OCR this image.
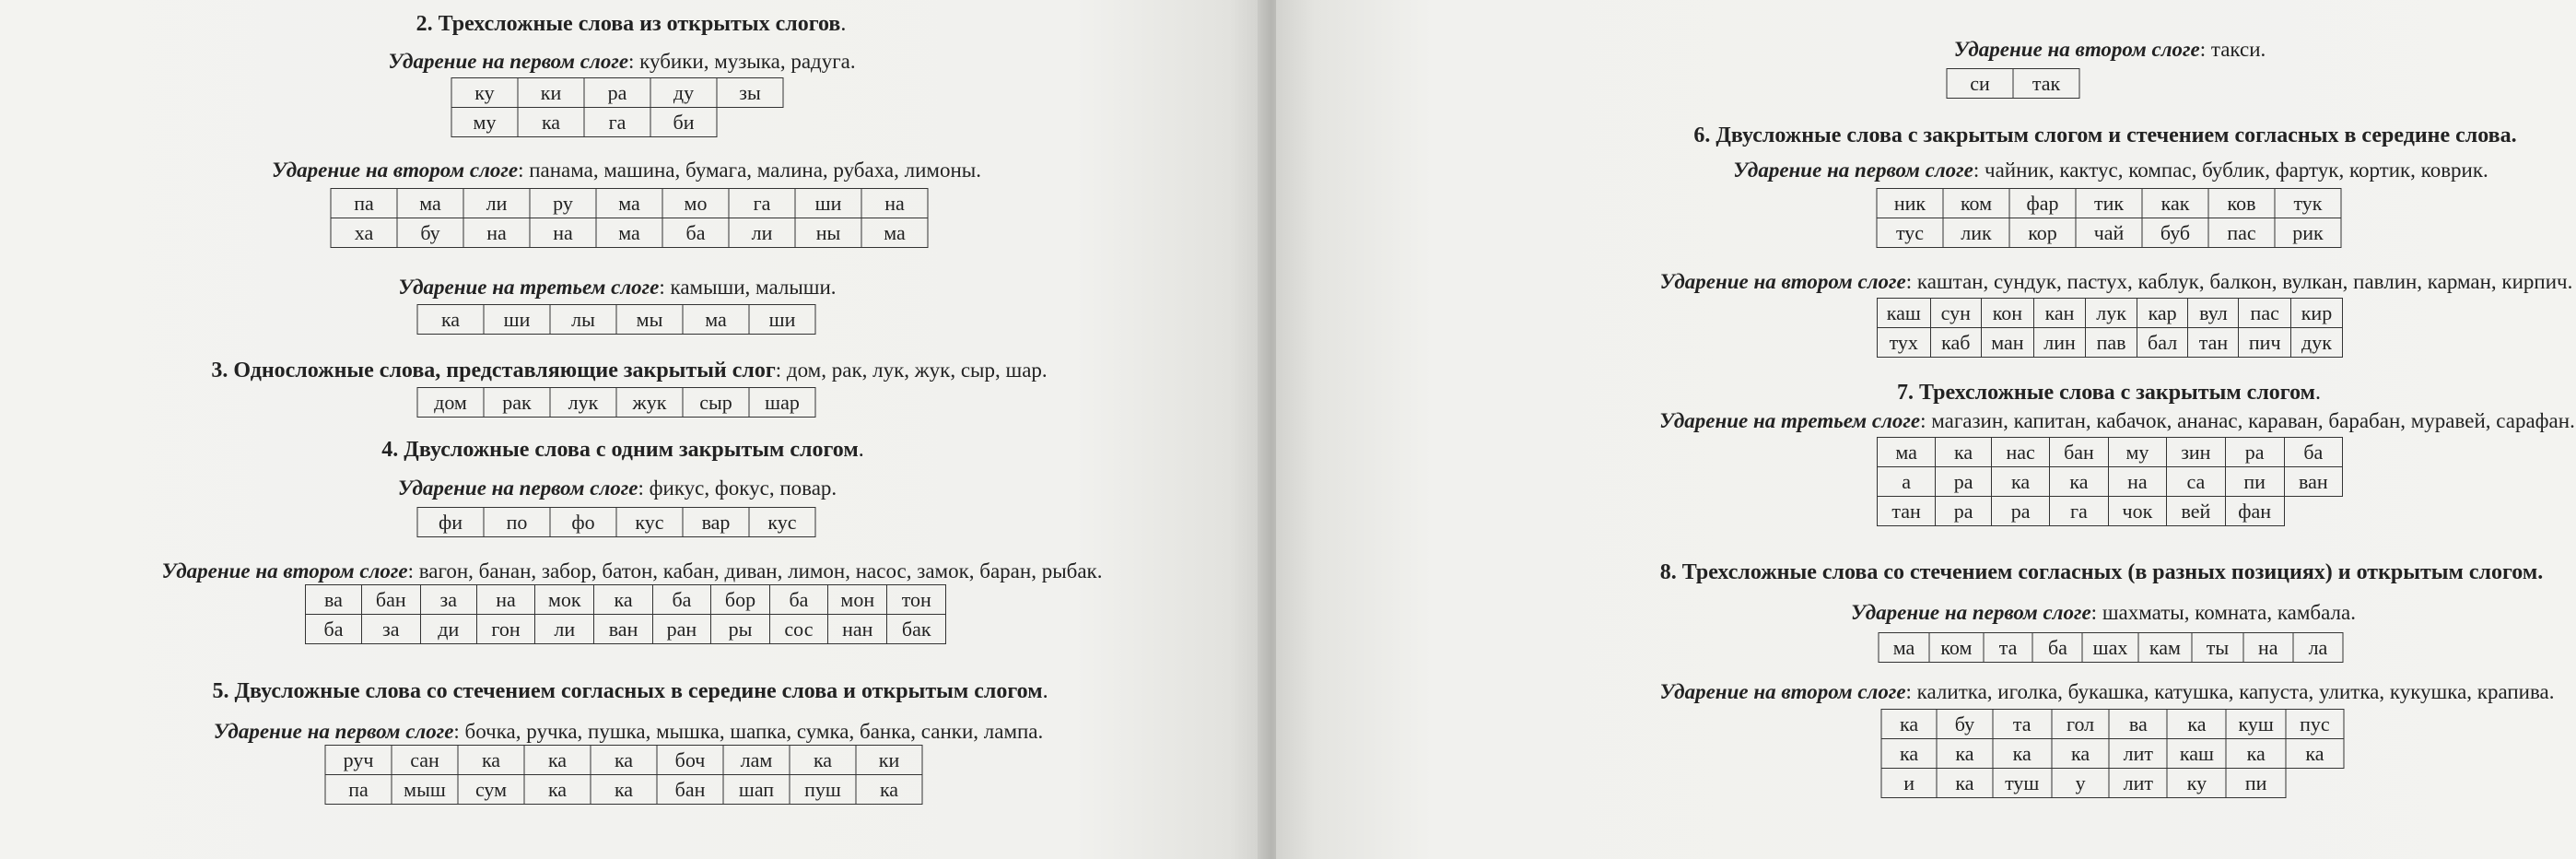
2. Трехсложные слова из открытых слогов.
Ударение на первом слоге: кубики, музыка, радуга.
ку	ки	ра	ду	зы
му	ка	га	би	
Ударение на втором слоге: панама, машина, бумага, малина, рубаха, лимоны.
па	ма	ли	ру	ма	мо	га	ши	на
ха	бу	на	на	ма	ба	ли	ны	ма
Ударение на третьем слоге: камыши, малыши.
ка	ши	лы	мы	ма	ши
3. Односложные слова, представляющие закрытый слог: дом, рак, лук, жук, сыр, шар.
дом	рак	лук	жук	сыр	шар
4. Двусложные слова с одним закрытым слогом.
Ударение на первом слоге: фикус, фокус, повар.
фи	по	фо	кус	вар	кус
Ударение на втором слоге: вагон, банан, забор, батон, кабан, диван, лимон, насос, замок, баран, рыбак.
ва	бан	за	на	мок	ка	ба	бор	ба	мон	тон
ба	за	ди	гон	ли	ван	ран	ры	сос	нан	бак
5. Двусложные слова со стечением согласных в середине слова и открытым слогом.
Ударение на первом слоге: бочка, ручка, пушка, мышка, шапка, сумка, банка, санки, лампа.
руч	сан	ка	ка	ка	боч	лам	ка	ки
па	мыш	сум	ка	ка	бан	шап	пуш	ка
Ударение на втором слоге: такси.
си	так
6. Двусложные слова с закрытым слогом и стечением согласных в середине слова.
Ударение на первом слоге: чайник, кактус, компас, бублик, фартук, кортик, коврик.
ник	ком	фар	тик	как	ков	тук
тус	лик	кор	чай	буб	пас	рик
Ударение на втором слоге: каштан, сундук, пастух, каблук, балкон, вулкан, павлин, карман, кирпич.
каш	сун	кон	кан	лук	кар	вул	пас	кир
тух	каб	ман	лин	пав	бал	тан	пич	дук
7. Трехсложные слова с закрытым слогом.
Ударение на третьем слоге: магазин, капитан, кабачок, ананас, караван, барабан, муравей, сарафан.
ма	ка	нас	бан	му	зин	ра	ба
а	ра	ка	ка	на	са	пи	ван
тан	ра	ра	га	чок	вей	фан	
8. Трехсложные слова со стечением согласных (в разных позициях) и открытым слогом.
Ударение на первом слоге: шахматы, комната, камбала.
ма	ком	та	ба	шах	кам	ты	на	ла
Ударение на втором слоге: калитка, иголка, букашка, катушка, капуста, улитка, кукушка, крапива.
ка	бу	та	гол	ва	ка	куш	пус
ка	ка	ка	ка	лит	каш	ка	ка
и	ка	туш	у	лит	ку	пи	
